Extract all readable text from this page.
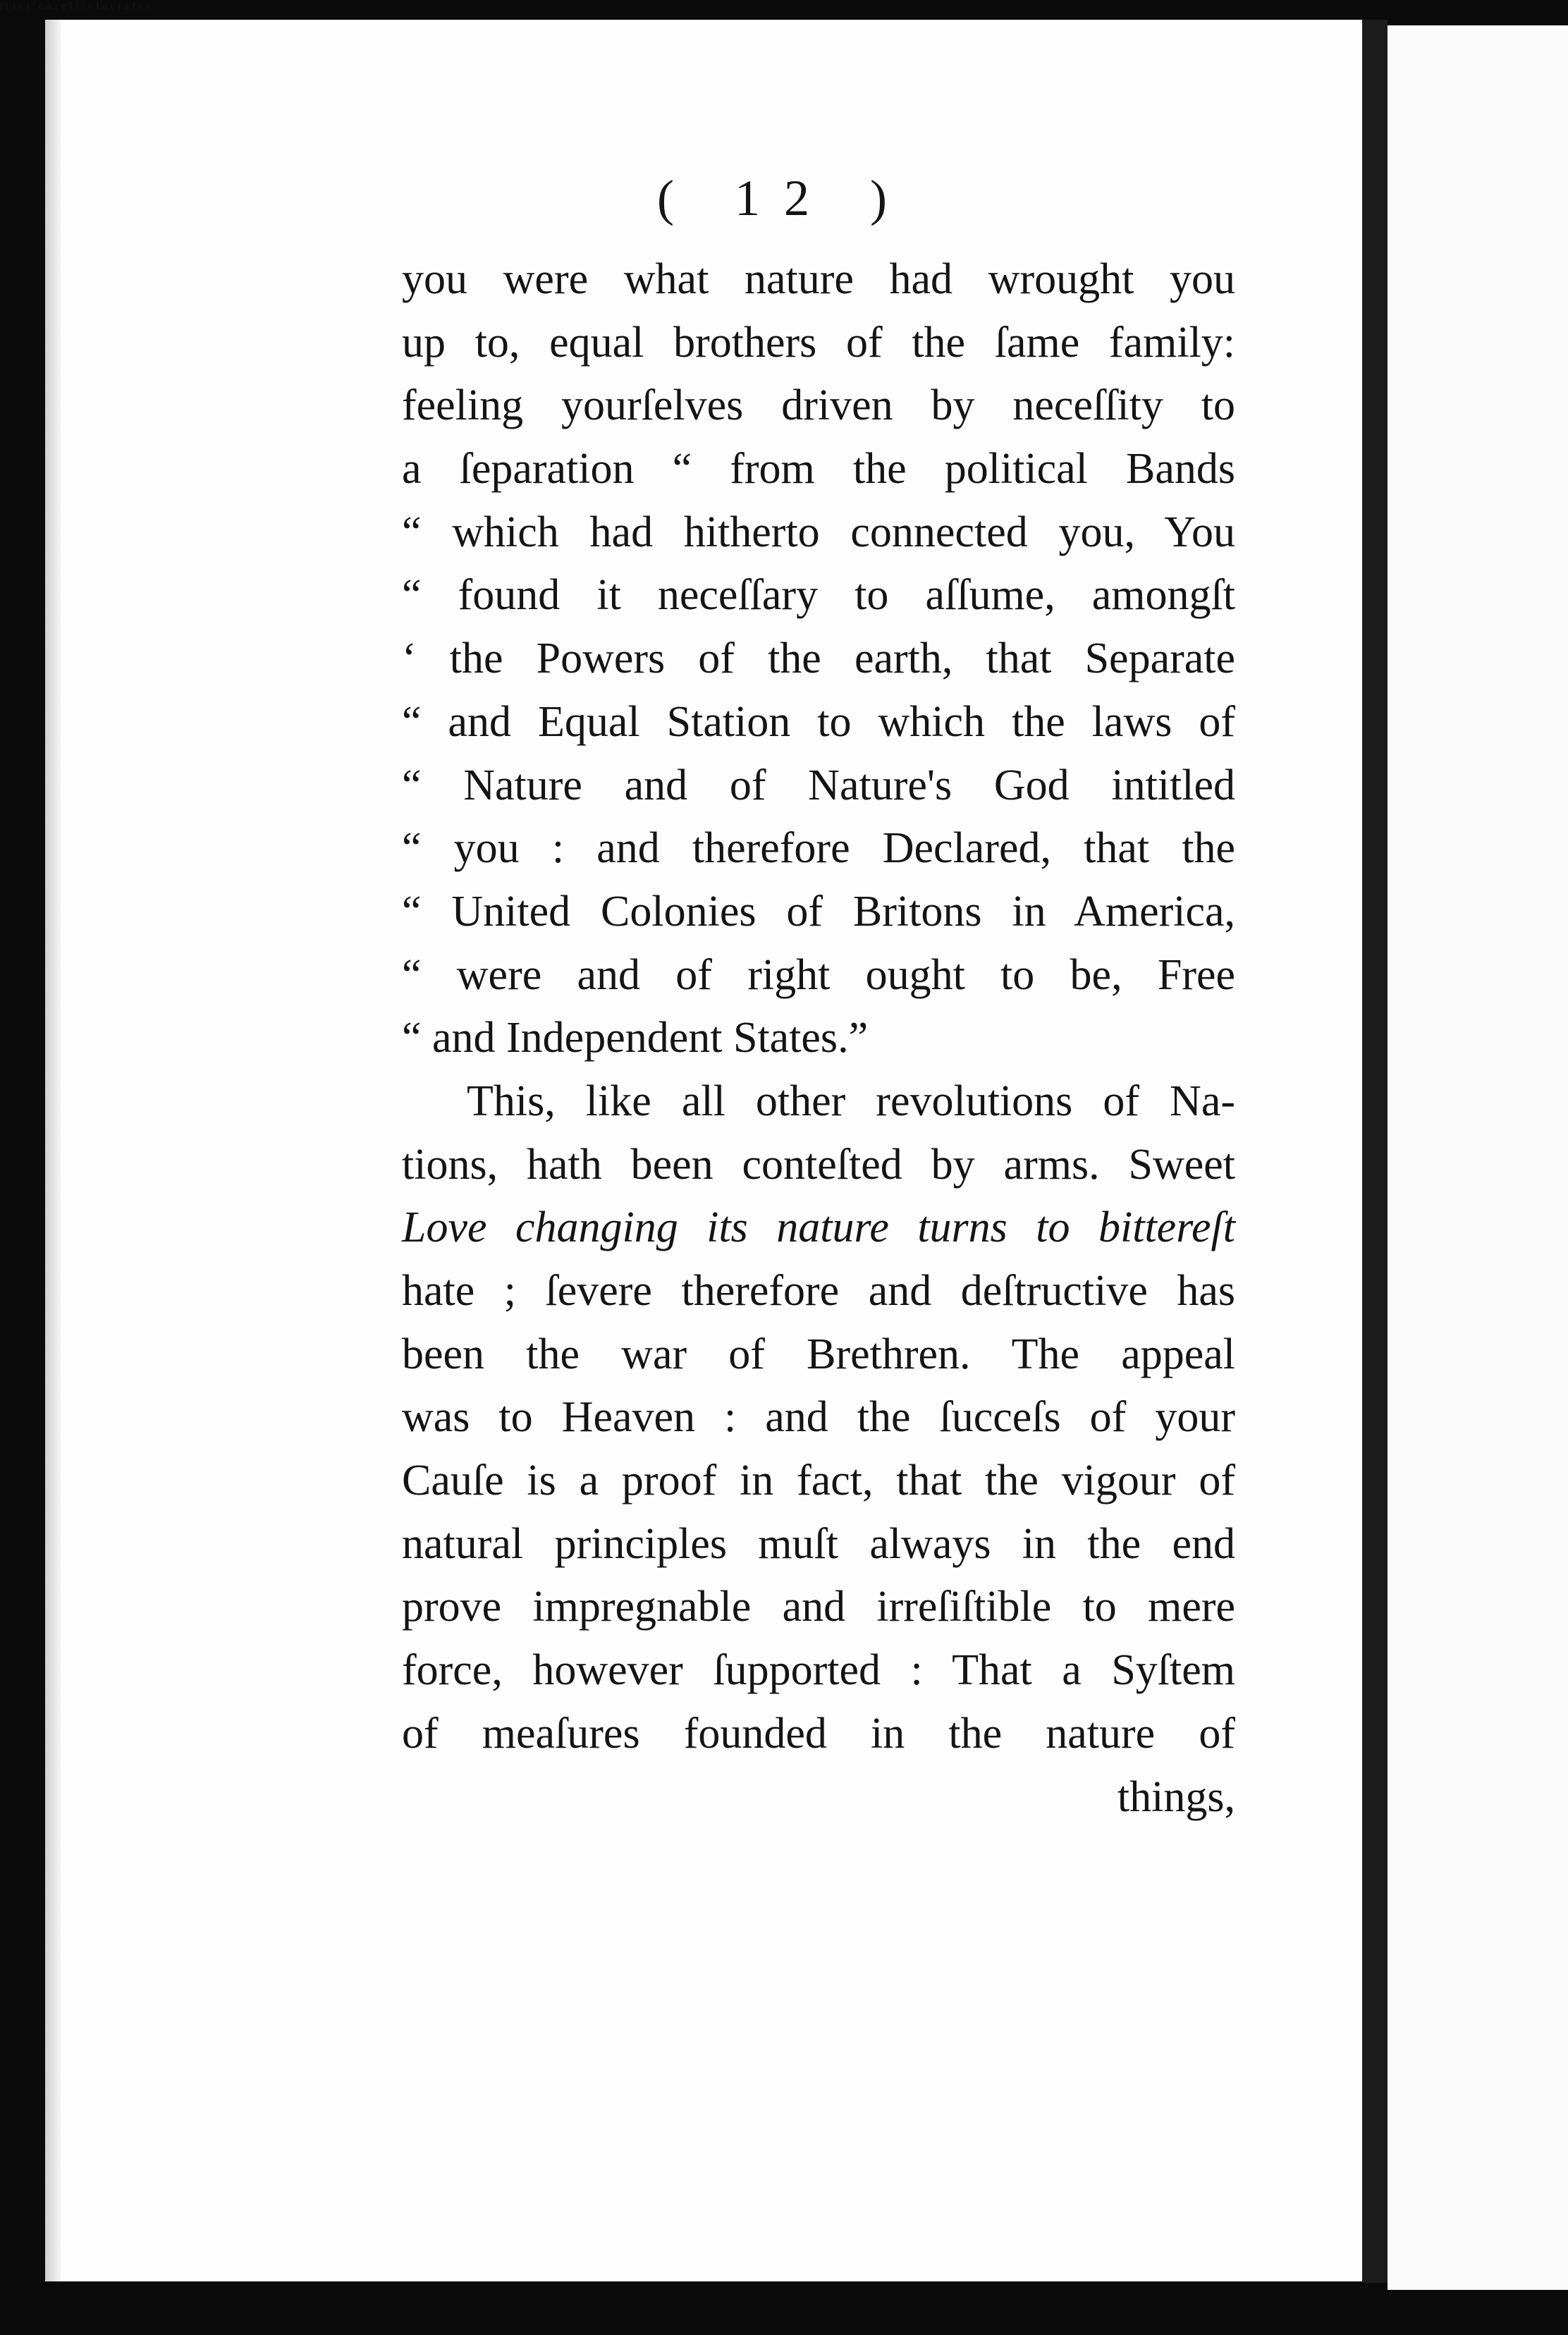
t ( t c i ‘ c a r e f l l v I a c t a f c c
( 12 )
you were what nature had wrought you
up to, equal brothers of the ſame family:
feeling yourſelves driven by neceſſity to
a ſeparation “ from the political Bands
“ which had hitherto connected you, You
“ found it neceſſary to aſſume, amongſt
‘ the Powers of the earth, that Separate
“ and Equal Station to which the laws of
“ Nature and of Nature's God intitled
“ you : and therefore Declared, that the
“ United Colonies of Britons in America,
“ were and of right ought to be, Free
“ and Independent States.”
This, like all other revolutions of Na-
tions, hath been conteſted by arms. Sweet
Love changing its nature turns to bittereſt
hate ; ſevere therefore and deſtructive has
been the war of Brethren. The appeal
was to Heaven : and the ſucceſs of your
Cauſe is a proof in fact, that the vigour of
natural principles muſt always in the end
prove impregnable and irreſiſtible to mere
force, however ſupported : That a Syſtem
of meaſures founded in the nature of
things,
